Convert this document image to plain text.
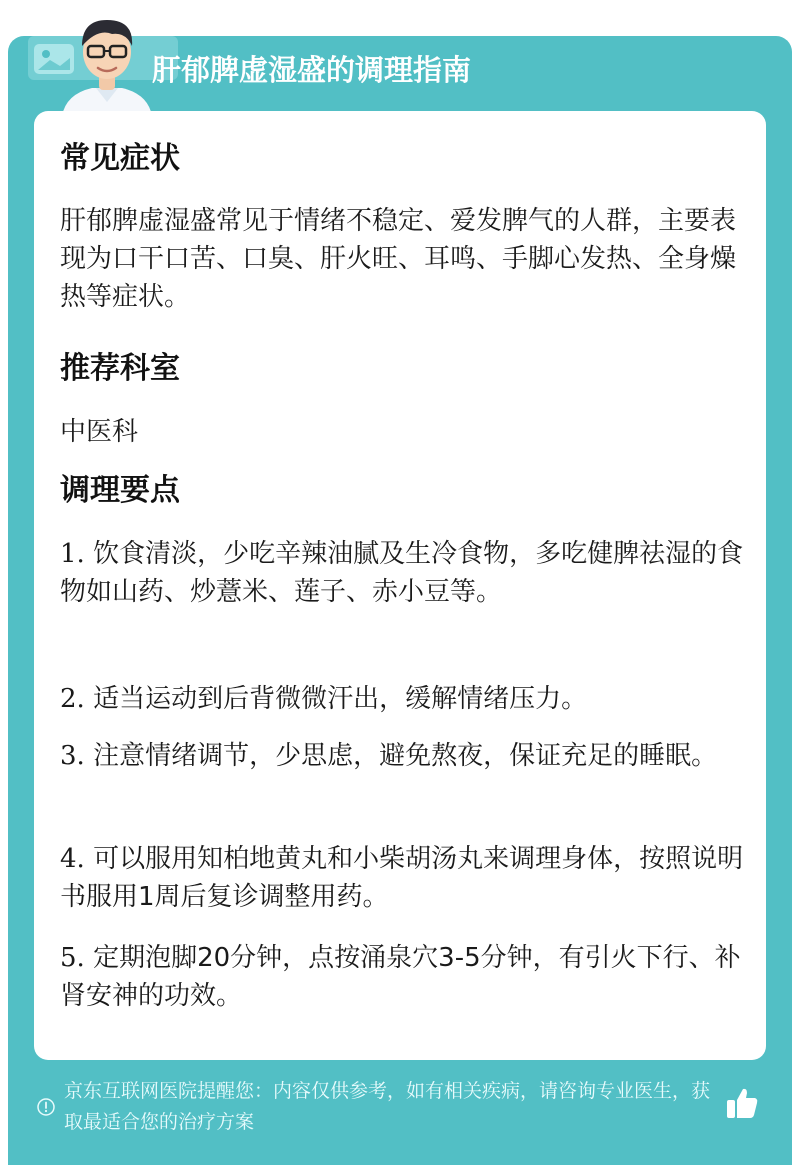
肝郁脾虚湿盛的调理指南
常见症状
肝郁脾虚湿盛常见于情绪不稳定、爱发脾气的人群，主要表现为口干口苦、口臭、肝火旺、耳鸣、手脚心发热、全身燥热等症状。
推荐科室
中医科
调理要点
1. 饮食清淡，少吃辛辣油腻及生冷食物，多吃健脾祛湿的食物如山药、炒薏米、莲子、赤小豆等。
2. 适当运动到后背微微汗出，缓解情绪压力。
3. 注意情绪调节，少思虑，避免熬夜，保证充足的睡眠。
4. 可以服用知柏地黄丸和小柴胡汤丸来调理身体，按照说明书服用1周后复诊调整用药。
5. 定期泡脚20分钟，点按涌泉穴3-5分钟，有引火下行、补肾安神的功效。
京东互联网医院提醒您：内容仅供参考，如有相关疾病，请咨询专业医生，获取最适合您的治疗方案
